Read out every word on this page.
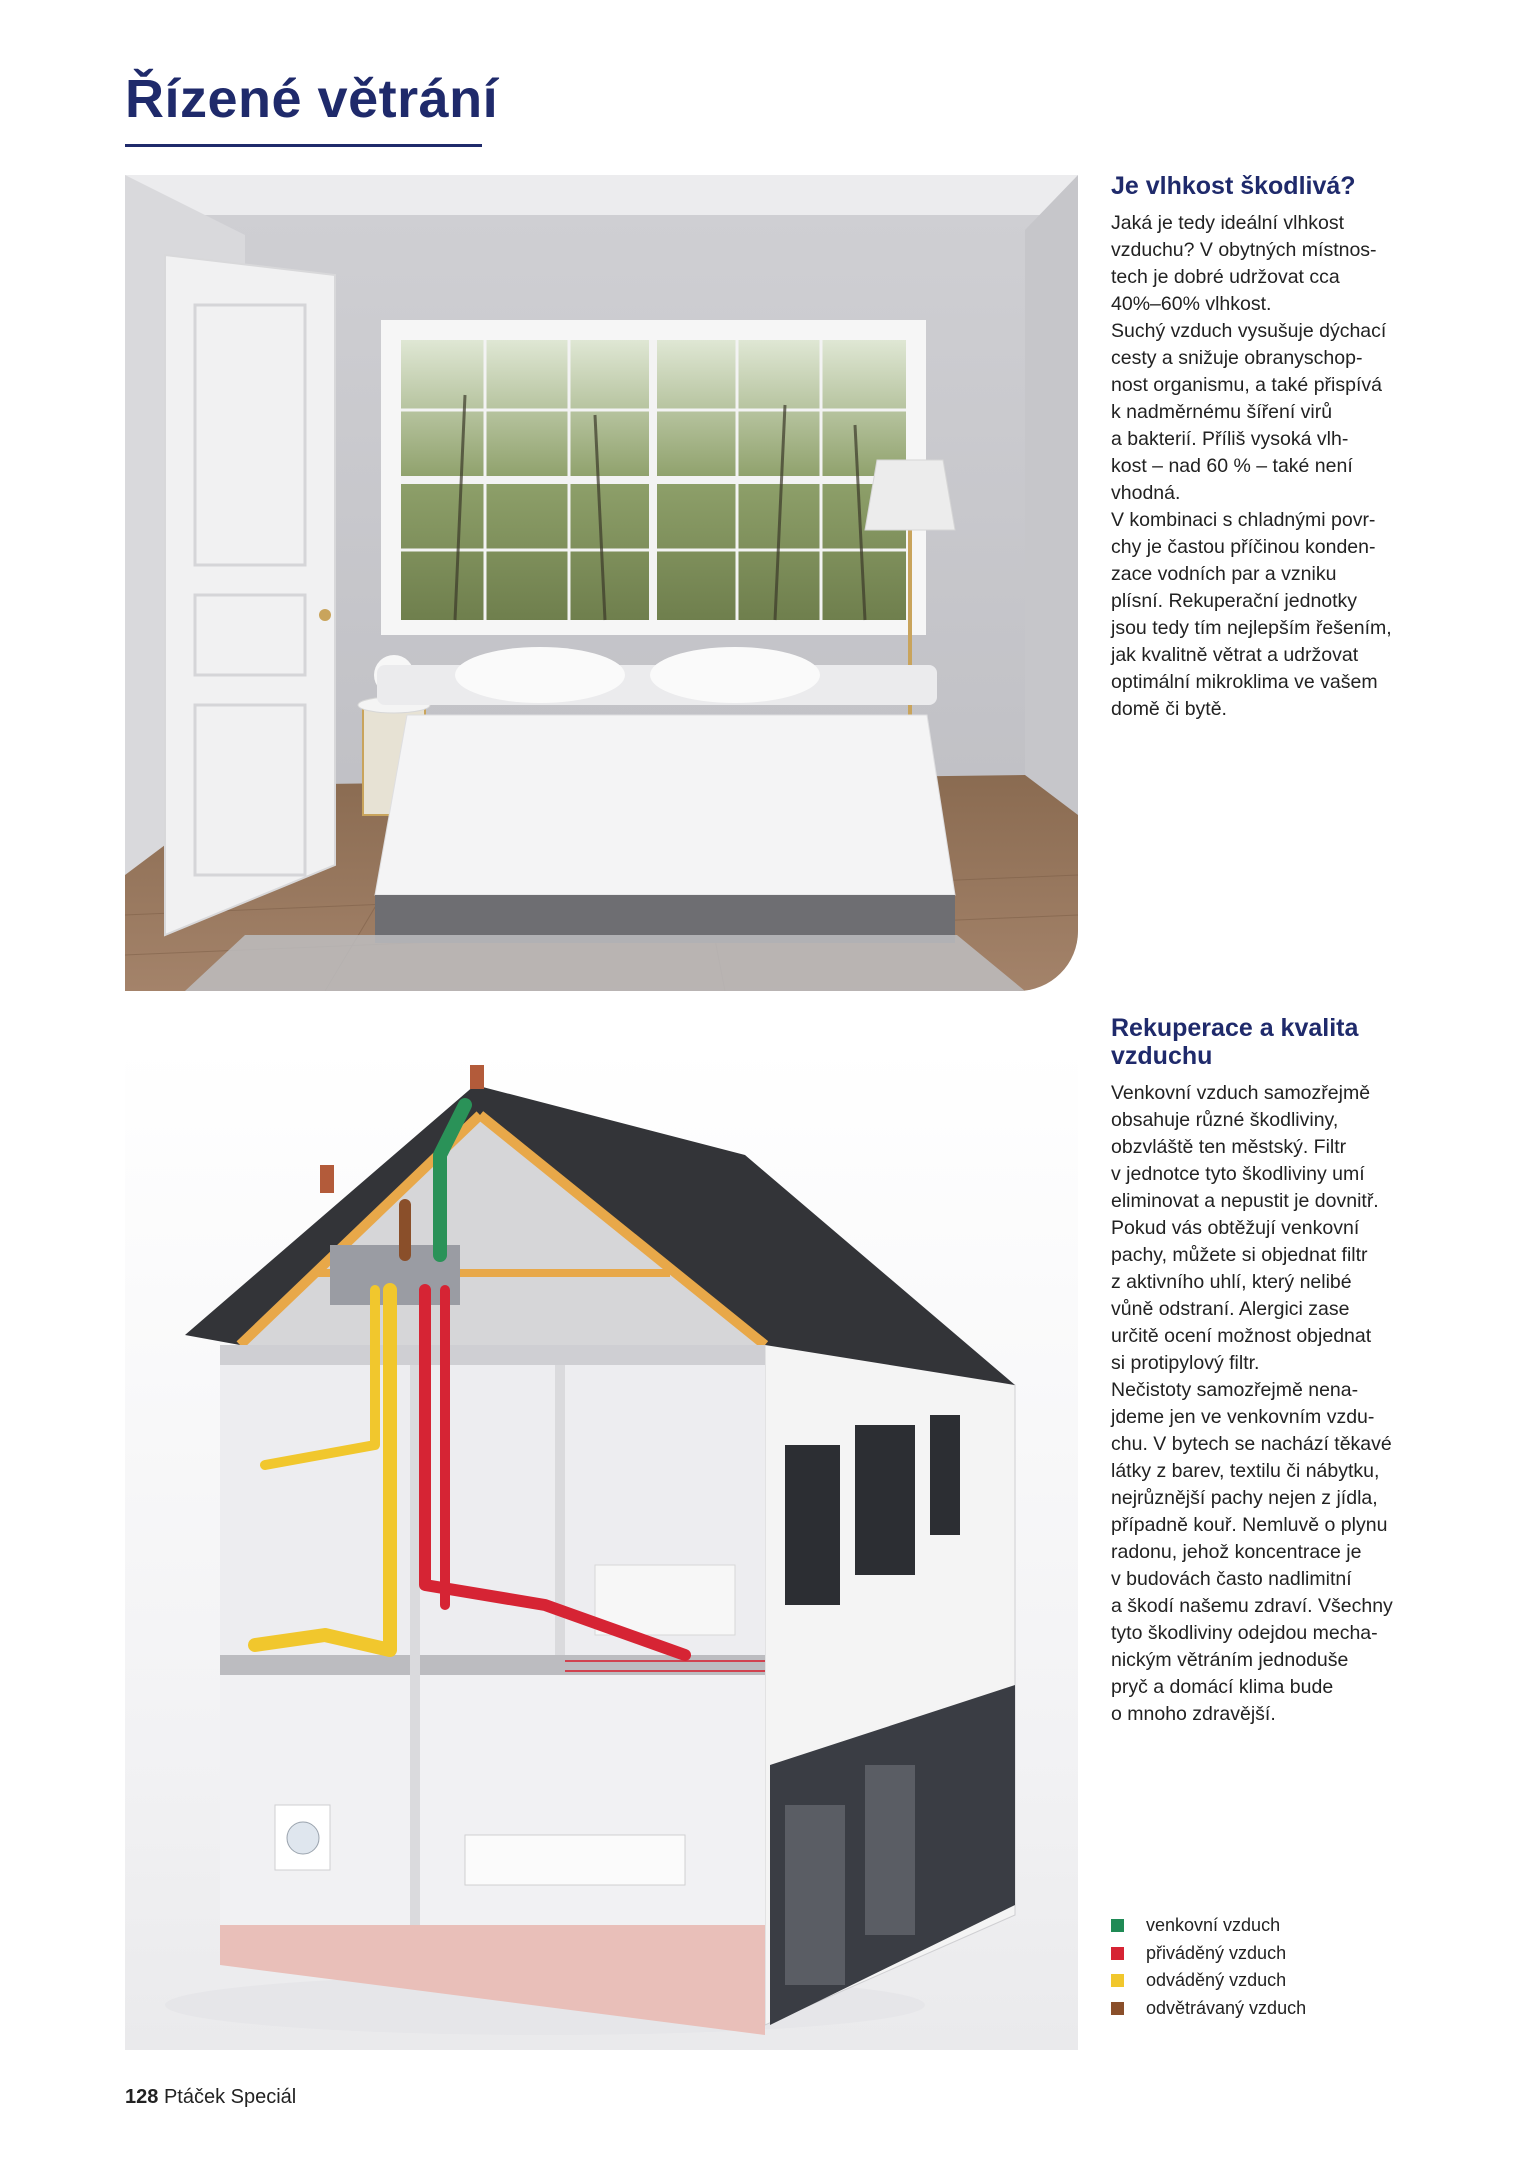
Řízené větrání
Je vlhkost škodlivá?

Jaká je tedy ideální vlhkost
vzduchu? V obytných místnos-
tech je dobré udržovat cca
40%–60% vlhkost.
Suchý vzduch vysušuje dýchací
cesty a snižuje obranyschop-
nost organismu, a také přispívá
k nadměrnému šíření virů
a bakterií. Příliš vysoká vlh-
kost – nad 60 % – také není
vhodná.
V kombinaci s chladnými povr-
chy je častou příčinou konden-
zace vodních par a vzniku
plísní. Rekuperační jednotky
jsou tedy tím nejlepším řešením,
jak kvalitně větrat a udržovat
optimální mikroklima ve vašem
domě či bytě.

Rekuperace a kvalita
vzduchu

Venkovní vzduch samozřejmě
obsahuje různé škodliviny,
obzvláště ten městský. Filtr
v jednotce tyto škodliviny umí
eliminovat a nepustit je dovnitř.
Pokud vás obtěžují venkovní
pachy, můžete si objednat filtr
z aktivního uhlí, který nelibé
vůně odstraní. Alergici zase
určitě ocení možnost objednat
si protipylový filtr.
Nečistoty samozřejmě nena-
jdeme jen ve venkovním vzdu-
chu. V bytech se nachází těkavé
látky z barev, textilu či nábytku,
nejrůznější pachy nejen z jídla,
případně kouř. Nemluvě o plynu
radonu, jehož koncentrace je
v budovách často nadlimitní
a škodí našemu zdraví. Všechny
tyto škodliviny odejdou mecha-
nickým větráním jednoduše
pryč a domácí klima bude
o mnoho zdravější.

venkovní vzduch
přiváděný vzduch
odváděný vzduch
odvětrávaný vzduch
128 Ptáček Speciál
